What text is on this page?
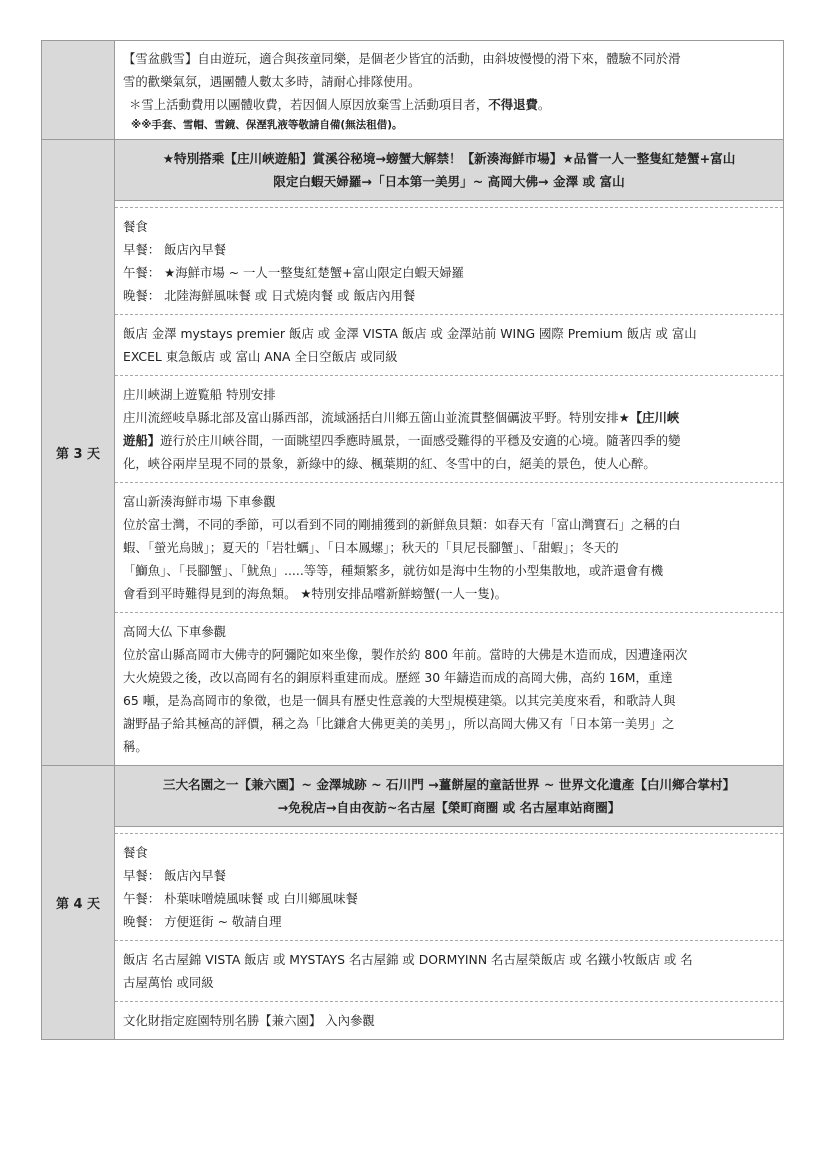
【雪盆戲雪】自由遊玩，適合與孩童同樂，是個老少皆宜的活動，由斜坡慢慢的滑下來，體驗不同於滑

雪的歡樂氣氛，遇團體人數太多時，請耐心排隊使用。

＊雪上活動費用以團體收費，若因個人原因放棄雪上活動項目者，不得退費。

※※手套、雪帽、雪鏡、保溼乳液等敬請自備(無法租借)。

第 3 天
★特別搭乘【庄川峽遊船】賞溪谷秘境→螃蟹大解禁！【新湊海鮮市場】★品嘗一人一整隻紅楚蟹+富山
限定白蝦天婦羅→「日本第一美男」~ 高岡大佛→ 金澤 或 富山

餐食

早餐： 飯店內早餐

午餐： ★海鮮市場 ~ 一人一整隻紅楚蟹+富山限定白蝦天婦羅

晚餐： 北陸海鮮風味餐 或 日式燒肉餐 或 飯店內用餐

飯店 金澤 mystays premier 飯店 或 金澤 VISTA 飯店 或 金澤站前 WING 國際 Premium 飯店 或 富山

EXCEL 東急飯店 或 富山 ANA 全日空飯店 或同級

庄川峽湖上遊覧船 特別安排

庄川流經岐阜縣北部及富山縣西部，流域涵括白川鄉五箇山並流貫整個礪波平野。特別安排★【庄川峽

遊船】遊行於庄川峽谷間，一面眺望四季應時風景，一面感受難得的平穩及安適的心境。隨著四季的變

化，峽谷兩岸呈現不同的景象，新綠中的綠、楓葉期的紅、冬雪中的白，絕美的景色，使人心醉。

富山新湊海鮮市場 下車參觀

位於富士灣，不同的季節，可以看到不同的剛捕獲到的新鮮魚貝類：如春天有「富山灣寶石」之稱的白

蝦、「螢光烏賊」；夏天的「岩牡蠣」、「日本鳳螺」；秋天的「貝尼長腳蟹」、「甜蝦」；冬天的

「鰤魚」、「長腳蟹」、「魷魚」.....等等，種類繁多，就彷如是海中生物的小型集散地，或許還會有機

會看到平時難得見到的海魚類。 ★特別安排品嚐新鮮螃蟹(一人一隻)。

高岡大仏 下車參觀

位於富山縣高岡市大佛寺的阿彌陀如來坐像，製作於約 800 年前。當時的大佛是木造而成，因遭逢兩次

大火燒毀之後，改以高岡有名的銅原料重建而成。歷經 30 年鑄造而成的高岡大佛，高約 16M，重達

65 噸，是為高岡市的象徵，也是一個具有歷史性意義的大型規模建築。以其完美度來看，和歌詩人與

謝野晶子給其極高的評價，稱之為「比鎌倉大佛更美的美男」，所以高岡大佛又有「日本第一美男」之

稱。

第 4 天
三大名園之一【兼六園】~ 金澤城跡 ~ 石川門 →薑餅屋的童話世界 ~ 世界文化遺產【白川鄉合掌村】
→免稅店→自由夜訪~名古屋【榮町商圈 或 名古屋車站商圈】

餐食

早餐： 飯店內早餐

午餐： 朴葉味噌燒風味餐 或 白川鄉風味餐

晚餐： 方便逛街 ~ 敬請自理

飯店 名古屋錦 VISTA 飯店 或 MYSTAYS 名古屋錦 或 DORMYINN 名古屋榮飯店 或 名鐵小牧飯店 或 名

古屋萬怡 或同級

文化財指定庭園特別名勝【兼六園】 入內參觀
